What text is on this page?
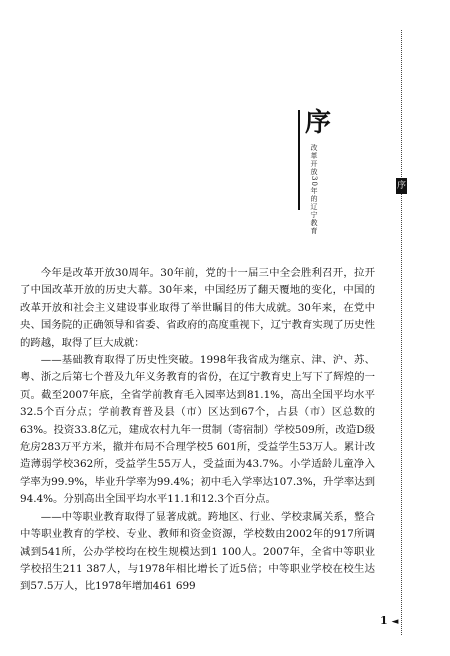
序
序

改革开放30年的辽宁教育

今年是改革开放30周年。30年前，党的十一届三中全会胜利召开，拉开了中国改革开放的历史大幕。30年来，中国经历了翻天覆地的变化，中国的改革开放和社会主义建设事业取得了举世瞩目的伟大成就。30年来，在党中央、国务院的正确领导和省委、省政府的高度重视下，辽宁教育实现了历史性的跨越，取得了巨大成就：

——基础教育取得了历史性突破。1998年我省成为继京、津、沪、苏、粤、浙之后第七个普及九年义务教育的省份，在辽宁教育史上写下了辉煌的一页。截至2007年底，全省学前教育毛入园率达到81.1%，高出全国平均水平32.5个百分点；学前教育普及县（市）区达到67个，占县（市）区总数的63%。投资33.8亿元，建成农村九年一贯制（寄宿制）学校509所，改造D级危房283万平方米，撤并布局不合理学校5 601所，受益学生53万人。累计改造薄弱学校362所，受益学生55万人，受益面为43.7%。小学适龄儿童净入学率为99.9%，毕业升学率为99.4%；初中毛入学率达107.3%，升学率达到94.4%。分别高出全国平均水平11.1和12.3个百分点。

——中等职业教育取得了显著成就。跨地区、行业、学校隶属关系，整合中等职业教育的学校、专业、教师和资金资源，学校数由2002年的917所调减到541所，公办学校均在校生规模达到1 100人。2007年，全省中等职业学校招生211 387人，与1978年相比增长了近5倍；中等职业学校在校生达到57.5万人，比1978年增加461 699

1 ◄
